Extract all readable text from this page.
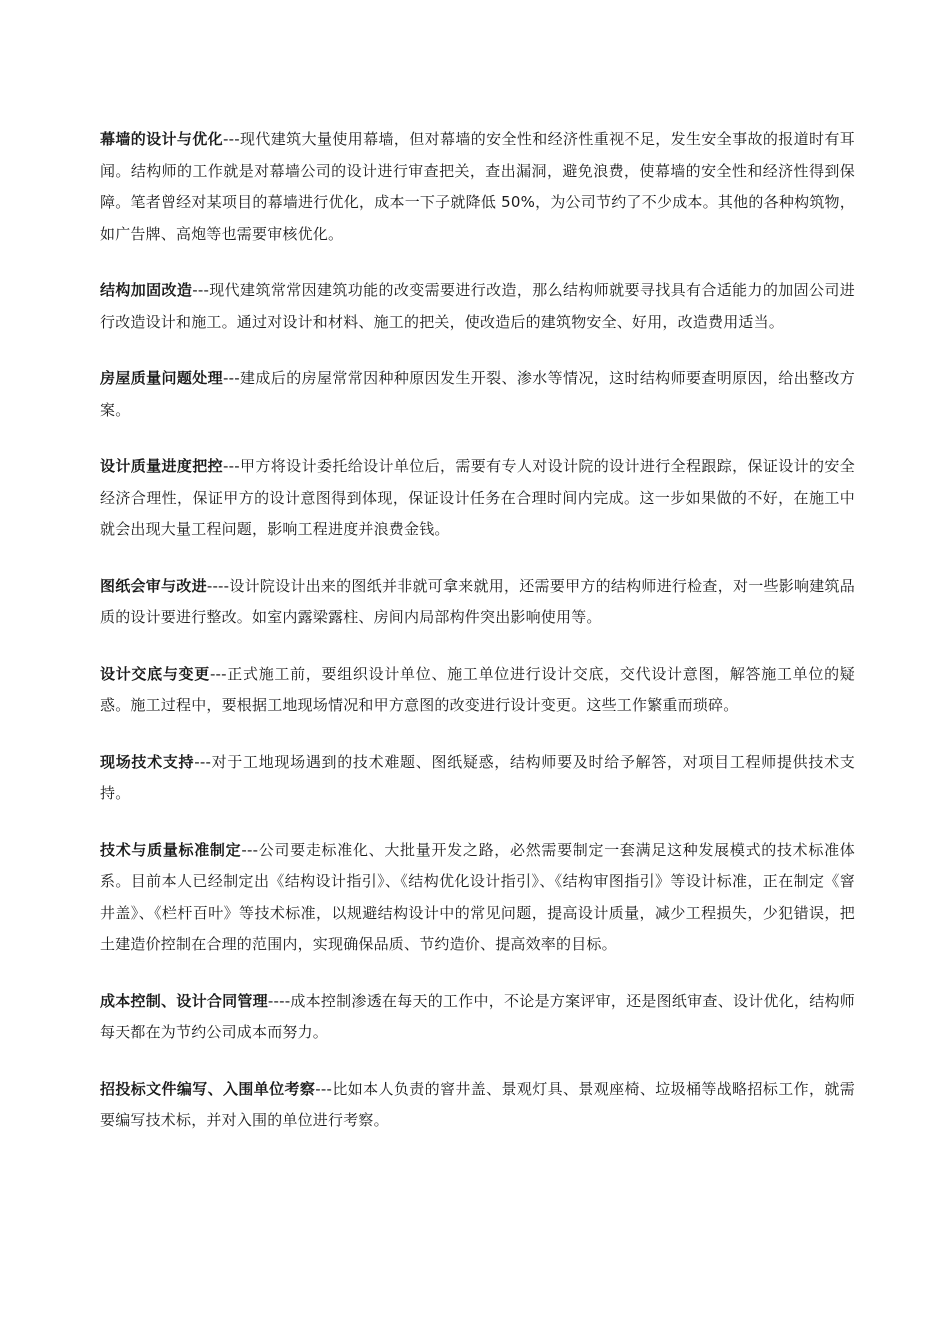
幕墙的设计与优化---现代建筑大量使用幕墙，但对幕墙的安全性和经济性重视不足，发生安全事故的报道时有耳闻。结构师的工作就是对幕墙公司的设计进行审查把关，查出漏洞，避免浪费，使幕墙的安全性和经济性得到保障。笔者曾经对某项目的幕墙进行优化，成本一下子就降低 50%，为公司节约了不少成本。其他的各种构筑物，如广告牌、高炮等也需要审核优化。

结构加固改造---现代建筑常常因建筑功能的改变需要进行改造，那么结构师就要寻找具有合适能力的加固公司进行改造设计和施工。通过对设计和材料、施工的把关，使改造后的建筑物安全、好用，改造费用适当。

房屋质量问题处理---建成后的房屋常常因种种原因发生开裂、渗水等情况，这时结构师要查明原因，给出整改方案。

设计质量进度把控---甲方将设计委托给设计单位后，需要有专人对设计院的设计进行全程跟踪，保证设计的安全经济合理性，保证甲方的设计意图得到体现，保证设计任务在合理时间内完成。这一步如果做的不好，在施工中就会出现大量工程问题，影响工程进度并浪费金钱。

图纸会审与改进----设计院设计出来的图纸并非就可拿来就用，还需要甲方的结构师进行检查，对一些影响建筑品质的设计要进行整改。如室内露梁露柱、房间内局部构件突出影响使用等。

设计交底与变更---正式施工前，要组织设计单位、施工单位进行设计交底，交代设计意图，解答施工单位的疑惑。施工过程中，要根据工地现场情况和甲方意图的改变进行设计变更。这些工作繁重而琐碎。

现场技术支持---对于工地现场遇到的技术难题、图纸疑惑，结构师要及时给予解答，对项目工程师提供技术支持。

技术与质量标准制定---公司要走标准化、大批量开发之路，必然需要制定一套满足这种发展模式的技术标准体系。目前本人已经制定出《结构设计指引》、《结构优化设计指引》、《结构审图指引》等设计标准，正在制定《窨井盖》、《栏杆百叶》等技术标准，以规避结构设计中的常见问题，提高设计质量，减少工程损失，少犯错误，把土建造价控制在合理的范围内，实现确保品质、节约造价、提高效率的目标。

成本控制、设计合同管理----成本控制渗透在每天的工作中，不论是方案评审，还是图纸审查、设计优化，结构师每天都在为节约公司成本而努力。

招投标文件编写、入围单位考察---比如本人负责的窨井盖、景观灯具、景观座椅、垃圾桶等战略招标工作，就需要编写技术标，并对入围的单位进行考察。
